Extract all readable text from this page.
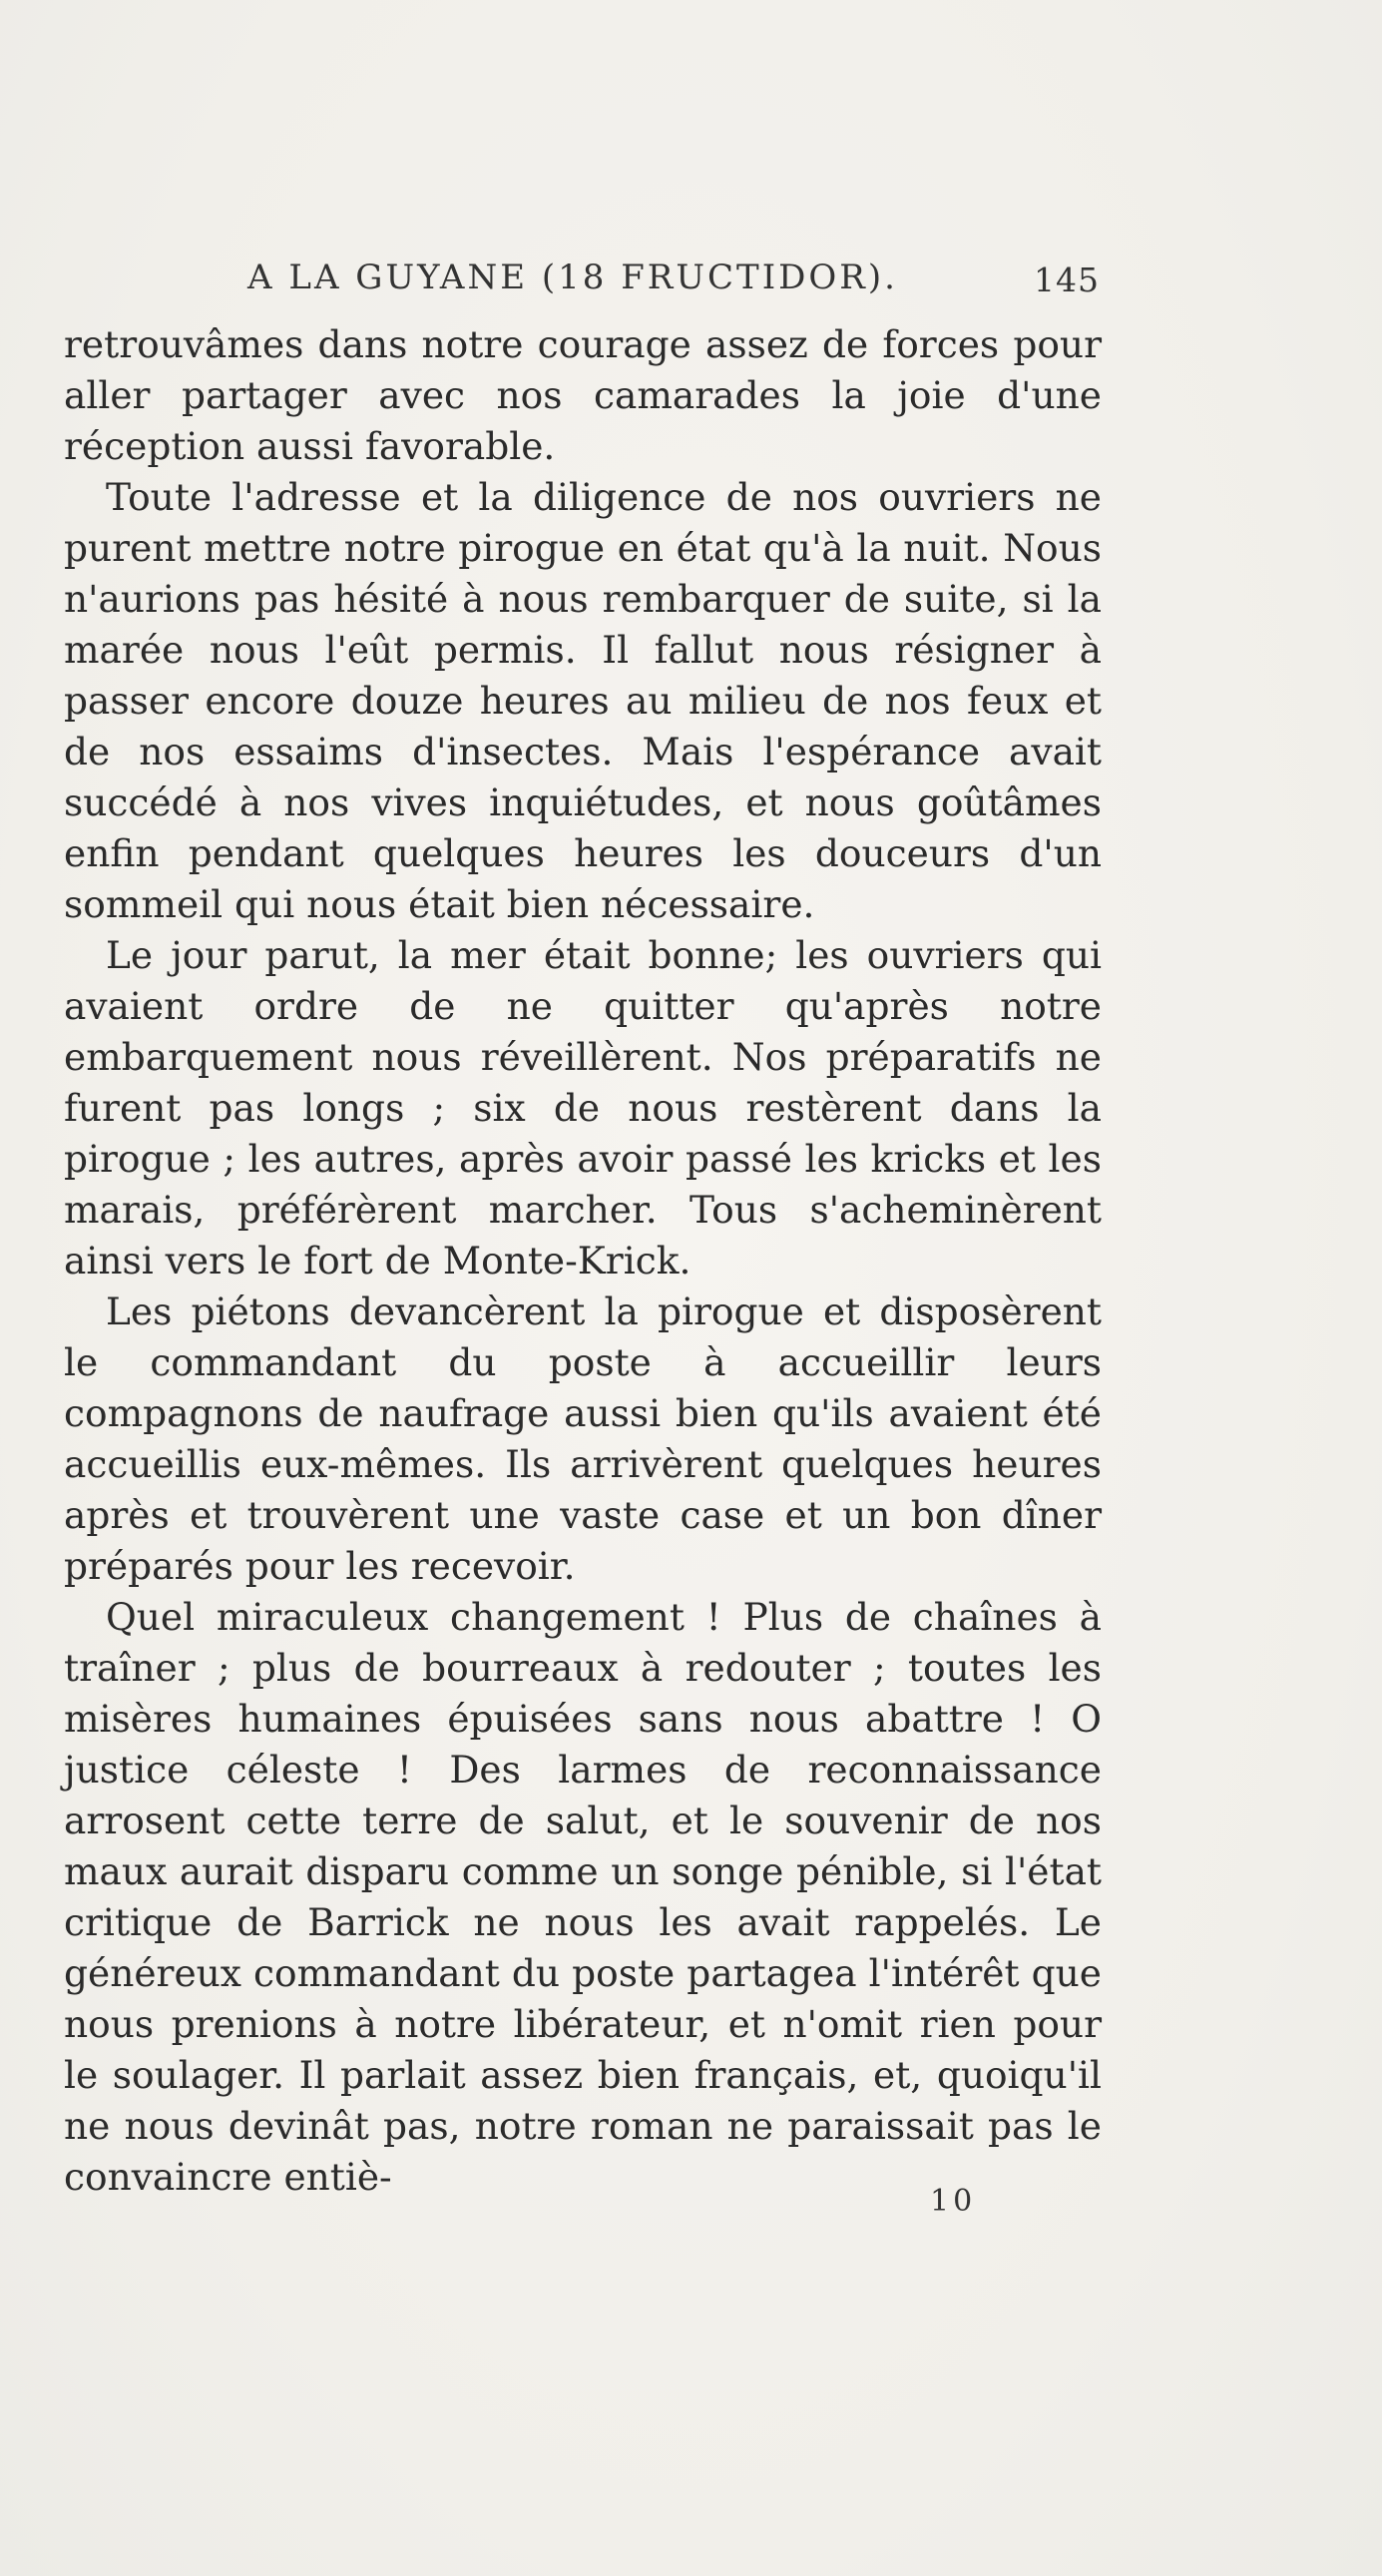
A LA GUYANE (18 FRUCTIDOR).	145

retrouvâmes dans notre courage assez de forces pour aller partager avec nos camarades la joie d'une réception aussi favorable.

Toute l'adresse et la diligence de nos ouvriers ne purent mettre notre pirogue en état qu'à la nuit. Nous n'aurions pas hésité à nous rembarquer de suite, si la marée nous l'eût permis. Il fallut nous résigner à passer encore douze heures au milieu de nos feux et de nos essaims d'insectes. Mais l'espérance avait succédé à nos vives inquiétudes, et nous goûtâmes enfin pendant quelques heures les douceurs d'un sommeil qui nous était bien nécessaire.

Le jour parut, la mer était bonne; les ouvriers qui avaient ordre de ne quitter qu'après notre embarquement nous réveillèrent. Nos préparatifs ne furent pas longs ; six de nous restèrent dans la pirogue ; les autres, après avoir passé les kricks et les marais, préférèrent marcher. Tous s'acheminèrent ainsi vers le fort de Monte-Krick.

Les piétons devancèrent la pirogue et disposèrent le commandant du poste à accueillir leurs compagnons de naufrage aussi bien qu'ils avaient été accueillis eux-mêmes. Ils arrivèrent quelques heures après et trouvèrent une vaste case et un bon dîner préparés pour les recevoir.

Quel miraculeux changement ! Plus de chaînes à traîner ; plus de bourreaux à redouter ; toutes les misères humaines épuisées sans nous abattre ! O justice céleste ! Des larmes de reconnaissance arrosent cette terre de salut, et le souvenir de nos maux aurait disparu comme un songe pénible, si l'état critique de Barrick ne nous les avait rappelés. Le généreux commandant du poste partagea l'intérêt que nous prenions à notre libérateur, et n'omit rien pour le soulager. Il parlait assez bien français, et, quoiqu'il ne nous devinât pas, notre roman ne paraissait pas le convaincre entiè-

10
